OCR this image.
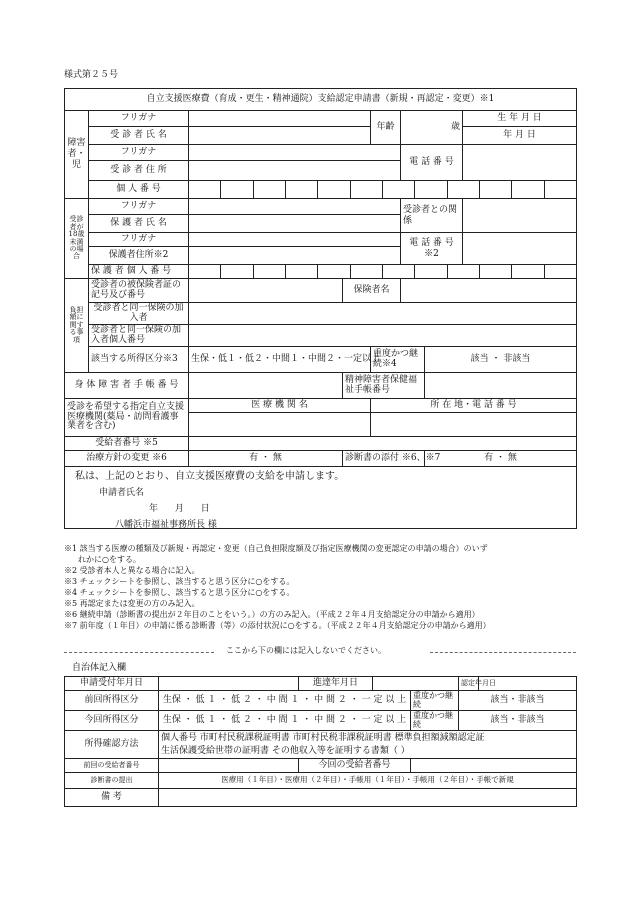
様式第２５号
自立支援医療費（育成・更生・精神通院）支給認定申請書（新規・再認定・変更）※1							
障害者・児	フリガナ			年齢	歳		生 年 月 日
	受 診 者 氏 名						年 月 日
	フリガナ				電 話 番 号		
	受 診 者 住 所						
	個 人 番 号						

受診者が18歳未満の場合	フリガナ				受診者との関 係		
	保 護 者 氏 名						
	フリガナ				電 話 番 号 ※2		
	保護者住所※2						
	保 護 者 個 人 番 号						

負担額に関する事項	受診者の被保険者証の記号及び番号		保険者名				
	受診者と同一保険の加入者						
	受診者と同一保険の加入者個人番号						
	該当する所得区分※3	生保・低１・低２・中間１・中間２・一定以上		重度かつ継続※4		該当 ・ 非該当	
身 体 障 害 者 手 帳 番 号			精神障害者保健福祉手帳番号				
受診を希望する指定自立支援医療機関(薬局・訪問看護事業者を含む)		医 療 機 関 名		所 在 地・電 話 番 号			

受給者番号 ※5							
治療方針の変更 ※6		有 ・ 無	診断書の添付 ※6、※7			有 ・ 無	

私は、上記のとおり、自立支援医療費の支給を申請します。
申請者氏名
年 月 日
八幡浜市福祉事務所長 様							
※1 該当する医療の種類及び新規・再認定・変更（自己負担限度額及び指定医療機関の変更認定の申請の場合）のいず
れかに○をする。
※2 受診者本人と異なる場合に記入。
※3 チェックシートを参照し、該当すると思う区分に○をする。
※4 チェックシートを参照し、該当すると思う区分に○をする。
※5 再認定または変更の方のみ記入。
※6 継続申請（診断書の提出が２年目のことをいう。）の方のみ記入。（平成２２年４月支給認定分の申請から適用）
※7 前年度（１年目）の申請に係る診断書（等）の添付状況に○をする。（平成２２年４月支給認定分の申請から適用）
ここから下の欄には記入しないでください。
自治体記入欄
申請受付年月日		進達年月日			認定年月日	
前回所得区分	生保 ・ 低 １ ・ 低 ２ ・ 中 間 １ ・ 中 間 ２ ・ 一 定 以 上			重度かつ継続	該当・非該当	
今回所得区分	生保 ・ 低 １ ・ 低 ２ ・ 中 間 １ ・ 中 間 ２ ・ 一 定 以 上			重度かつ継続	該当・非該当	
所得確認方法	個人番号 市町村民税課税証明書 市町村民税非課税証明書 標準負担額減額認定証
生活保護受給世帯の証明書 その他収入等を証明する書類（ ）					

前回の受給者番号		今回の受給者番号				
診断書の提出	医療用（１年目）・医療用（２年目）・手帳用（１年目）・手帳用（２年目）・手帳で新規					
備 考						
